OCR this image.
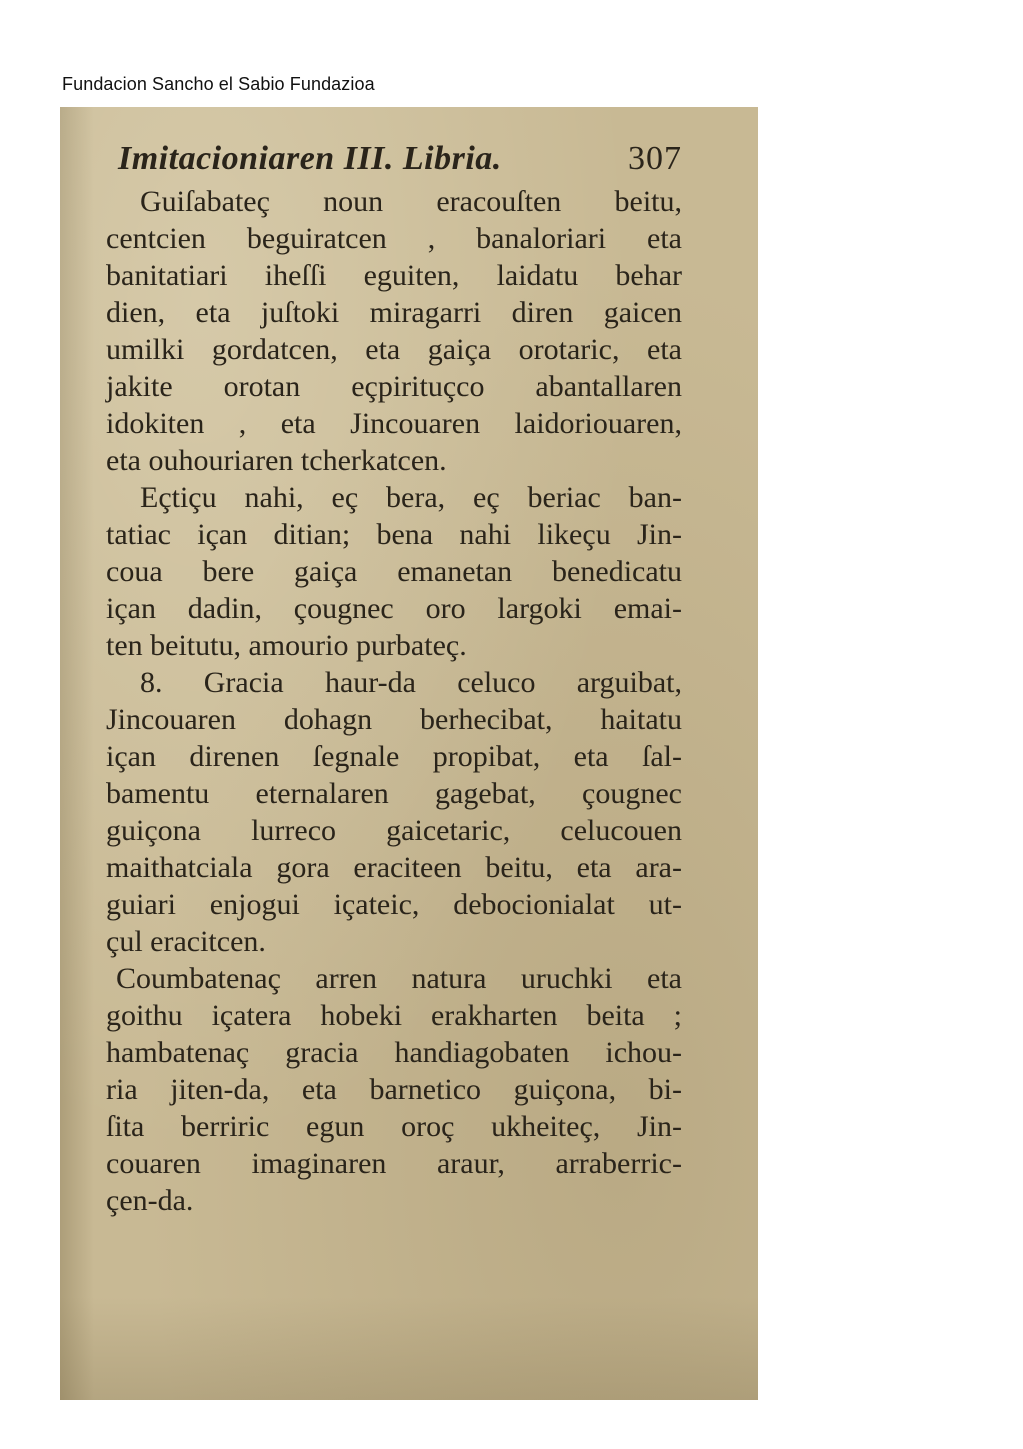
Fundacion Sancho el Sabio Fundazioa
Imitacioniaren III. Libria.	307
Guiſabateç noun eracouſten beitu,
centcien beguiratcen , banaloriari eta
banitatiari iheſſi eguiten, laidatu behar
dien, eta juſtoki miragarri diren gaicen
umilki gordatcen, eta gaiça orotaric, eta
jakite orotan eçpirituçco abantallaren
idokiten , eta Jincouaren laidoriouaren,
eta ouhouriaren tcherkatcen.
Eçtiçu nahi, eç bera, eç beriac ban-
tatiac içan ditian; bena nahi likeçu Jin-
coua bere gaiça emanetan benedicatu
içan dadin, çougnec oro largoki emai-
ten beitutu, amourio purbateç.
8. Gracia haur-da celuco arguibat,
Jincouaren dohagn berhecibat, haitatu
içan direnen ſegnale propibat, eta ſal-
bamentu eternalaren gagebat, çougnec
guiçona lurreco gaicetaric, celucouen
maithatciala gora eraciteen beitu, eta ara-
guiari enjogui içateic, debocionialat ut-
çul eracitcen.
Coumbatenaç arren natura uruchki eta
goithu içatera hobeki erakharten beita ;
hambatenaç gracia handiagobaten ichou-
ria jiten-da, eta barnetico guiçona, bi-
ſita berriric egun oroç ukheiteç, Jin-
couaren imaginaren araur, arraberric-
çen-da.
